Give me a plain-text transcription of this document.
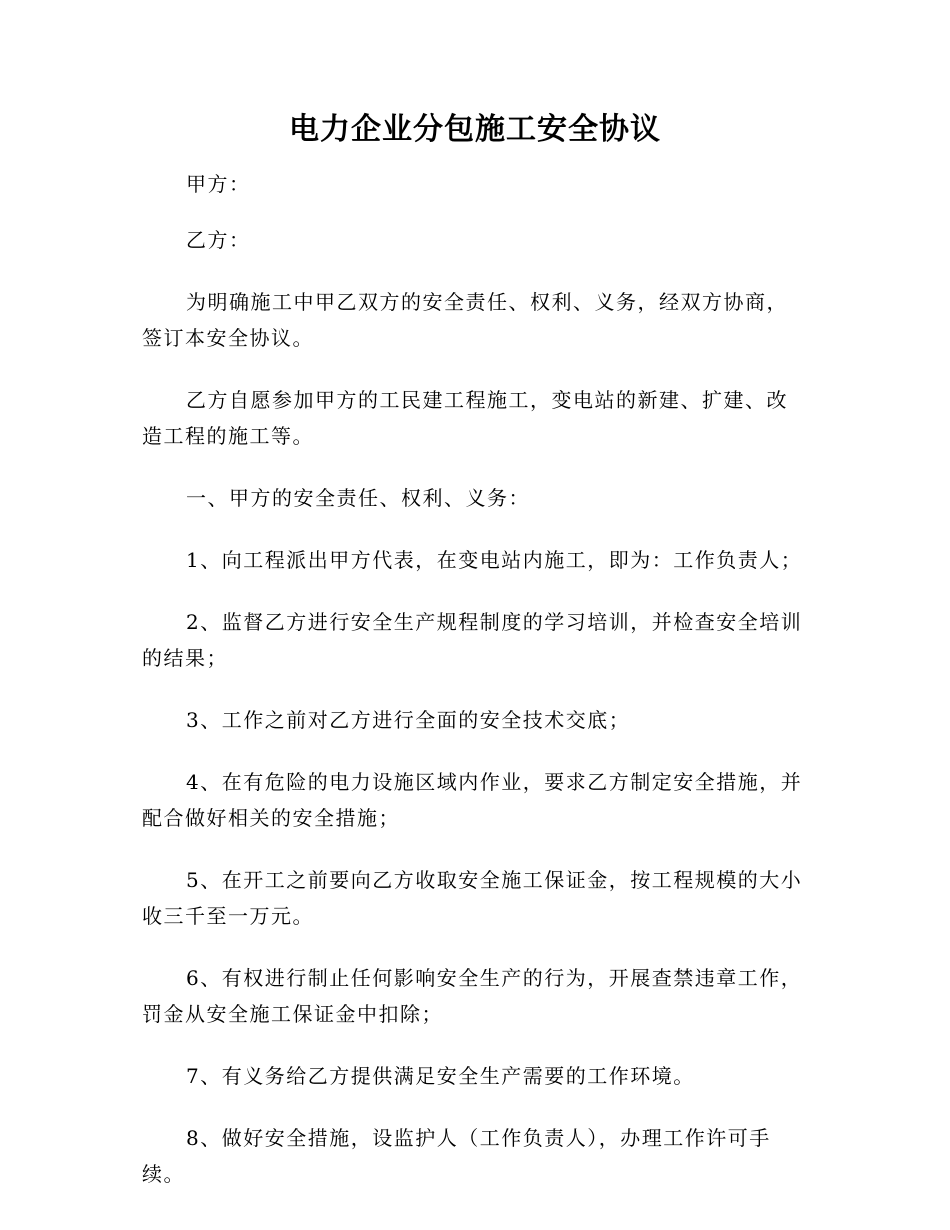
电力企业分包施工安全协议

甲方：

乙方：

为明确施工中甲乙双方的安全责任、权利、义务，经双方协商，签订本安全协议。

乙方自愿参加甲方的工民建工程施工，变电站的新建、扩建、改造工程的施工等。

一、甲方的安全责任、权利、义务：

1、向工程派出甲方代表，在变电站内施工，即为：工作负责人；

2、监督乙方进行安全生产规程制度的学习培训，并检查安全培训的结果；

3、工作之前对乙方进行全面的安全技术交底；

4、在有危险的电力设施区域内作业，要求乙方制定安全措施，并配合做好相关的安全措施；

5、在开工之前要向乙方收取安全施工保证金，按工程规模的大小收三千至一万元。

6、有权进行制止任何影响安全生产的行为，开展查禁违章工作，罚金从安全施工保证金中扣除；

7、有义务给乙方提供满足安全生产需要的工作环境。

8、做好安全措施，设监护人（工作负责人），办理工作许可手续。
